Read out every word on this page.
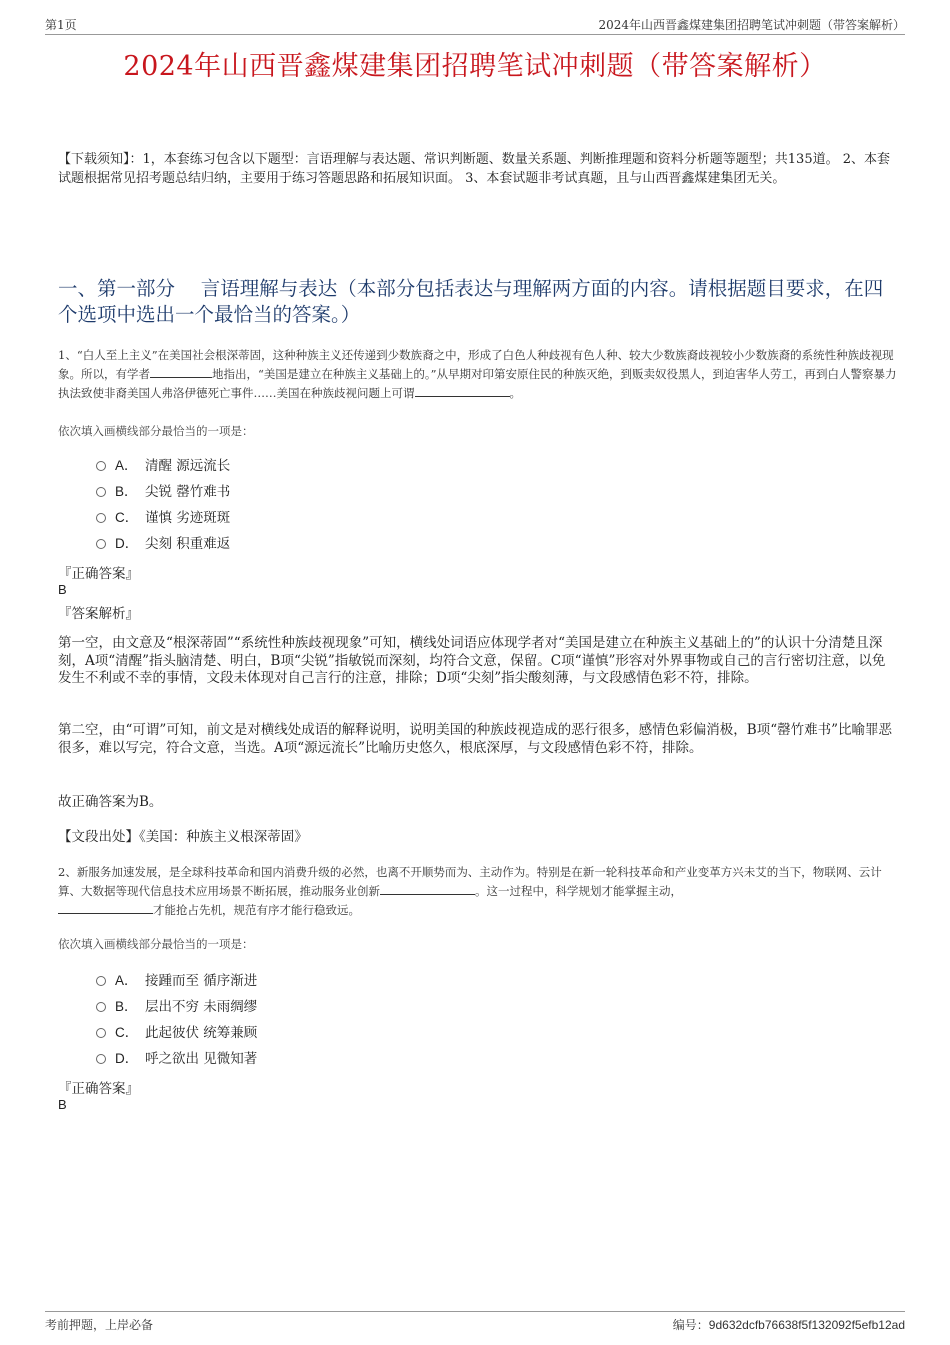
第1页	2024年山西晋鑫煤建集团招聘笔试冲刺题（带答案解析）
2024年山西晋鑫煤建集团招聘笔试冲刺题（带答案解析）
【下载须知】：1，本套练习包含以下题型：言语理解与表达题、常识判断题、数量关系题、判断推理题和资料分析题等题型；共135道。 2、本套试题根据常见招考题总结归纳，主要用于练习答题思路和拓展知识面。 3、本套试题非考试真题，且与山西晋鑫煤建集团无关。
一、第一部分　 言语理解与表达（本部分包括表达与理解两方面的内容。请根据题目要求，在四个选项中选出一个最恰当的答案。）
1、“白人至上主义”在美国社会根深蒂固，这种种族主义还传递到少数族裔之中，形成了白色人种歧视有色人种、较大少数族裔歧视较小少数族裔的系统性种族歧视现象。所以，有学者	地指出，“美国是建立在种族主义基础上的。”从早期对印第安原住民的种族灭绝，到贩卖奴役黑人，到迫害华人劳工，再到白人警察暴力执法致使非裔美国人弗洛伊德死亡事件……美国在种族歧视问题上可谓	。
依次填入画横线部分最恰当的一项是：
A． 清醒 源远流长
B． 尖锐 罄竹难书
C． 谨慎 劣迹斑斑
D． 尖刻 积重难返
『正确答案』
B
『答案解析』
第一空，由文意及“根深蒂固”“系统性种族歧视现象”可知，横线处词语应体现学者对“美国是建立在种族主义基础上的”的认识十分清楚且深刻，A项“清醒”指头脑清楚、明白，B项“尖锐”指敏锐而深刻，均符合文意，保留。C项“谨慎”形容对外界事物或自己的言行密切注意，以免发生不利或不幸的事情，文段未体现对自己言行的注意，排除；D项“尖刻”指尖酸刻薄，与文段感情色彩不符，排除。
第二空，由“可谓”可知，前文是对横线处成语的解释说明，说明美国的种族歧视造成的恶行很多，感情色彩偏消极，B项“罄竹难书”比喻罪恶很多，难以写完，符合文意，当选。A项“源远流长”比喻历史悠久，根底深厚，与文段感情色彩不符，排除。
故正确答案为B。
【文段出处】《美国：种族主义根深蒂固》
2、新服务加速发展，是全球科技革命和国内消费升级的必然，也离不开顺势而为、主动作为。特别是在新一轮科技革命和产业变革方兴未艾的当下，物联网、云计算、大数据等现代信息技术应用场景不断拓展，推动服务业创新	。这一过程中，科学规划才能掌握主动，
才能抢占先机，规范有序才能行稳致远。
依次填入画横线部分最恰当的一项是：
A． 接踵而至 循序渐进
B． 层出不穷 未雨绸缪
C． 此起彼伏 统筹兼顾
D． 呼之欲出 见微知著
『正确答案』
B
考前押题，上岸必备	编号：9d632dcfb76638f5f132092f5efb12ad
